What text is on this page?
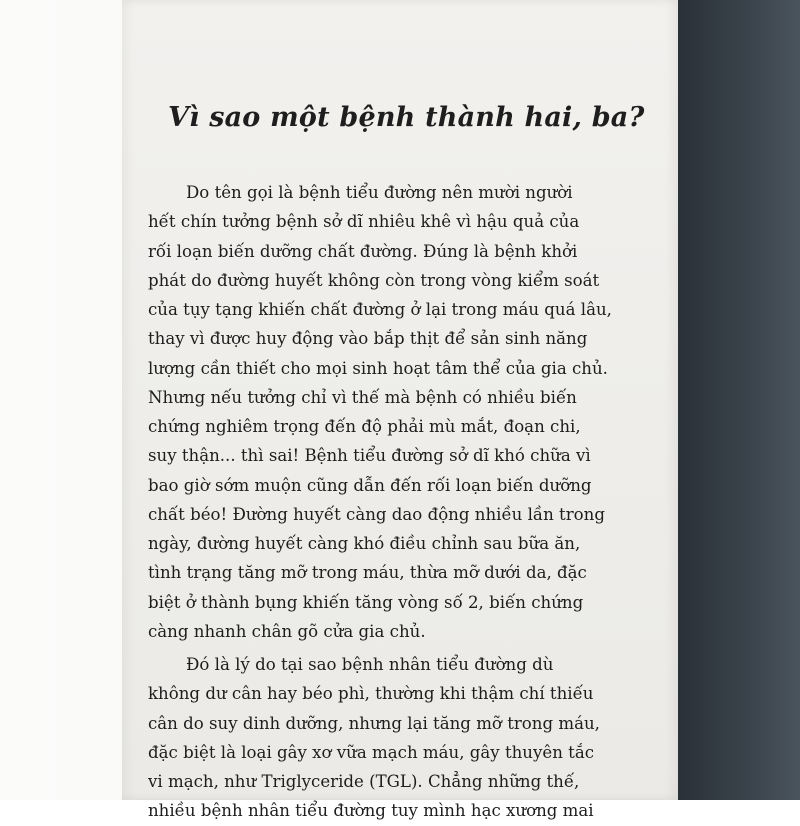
Vì sao một bệnh thành hai, ba?
Do tên gọi là bệnh tiểu đường nên mười người
hết chín tưởng bệnh sở dĩ nhiêu khê vì hậu quả của
rối loạn biến dưỡng chất đường. Đúng là bệnh khởi
phát do đường huyết không còn trong vòng kiểm soát
của tụy tạng khiến chất đường ở lại trong máu quá lâu,
thay vì được huy động vào bắp thịt để sản sinh năng
lượng cần thiết cho mọi sinh hoạt tâm thể của gia chủ.
Nhưng nếu tưởng chỉ vì thế mà bệnh có nhiều biến
chứng nghiêm trọng đến độ phải mù mắt, đoạn chi,
suy thận... thì sai! Bệnh tiểu đường sở dĩ khó chữa vì
bao giờ sớm muộn cũng dẫn đến rối loạn biến dưỡng
chất béo! Đường huyết càng dao động nhiều lần trong
ngày, đường huyết càng khó điều chỉnh sau bữa ăn,
tình trạng tăng mỡ trong máu, thừa mỡ dưới da, đặc
biệt ở thành bụng khiến tăng vòng số 2, biến chứng
càng nhanh chân gõ cửa gia chủ.
Đó là lý do tại sao bệnh nhân tiểu đường dù
không dư cân hay béo phì, thường khi thậm chí thiếu
cân do suy dinh dưỡng, nhưng lại tăng mỡ trong máu,
đặc biệt là loại gây xơ vữa mạch máu, gây thuyên tắc
vi mạch, như Triglyceride (TGL). Chẳng những thế,
nhiều bệnh nhân tiểu đường tuy mình hạc xương mai
